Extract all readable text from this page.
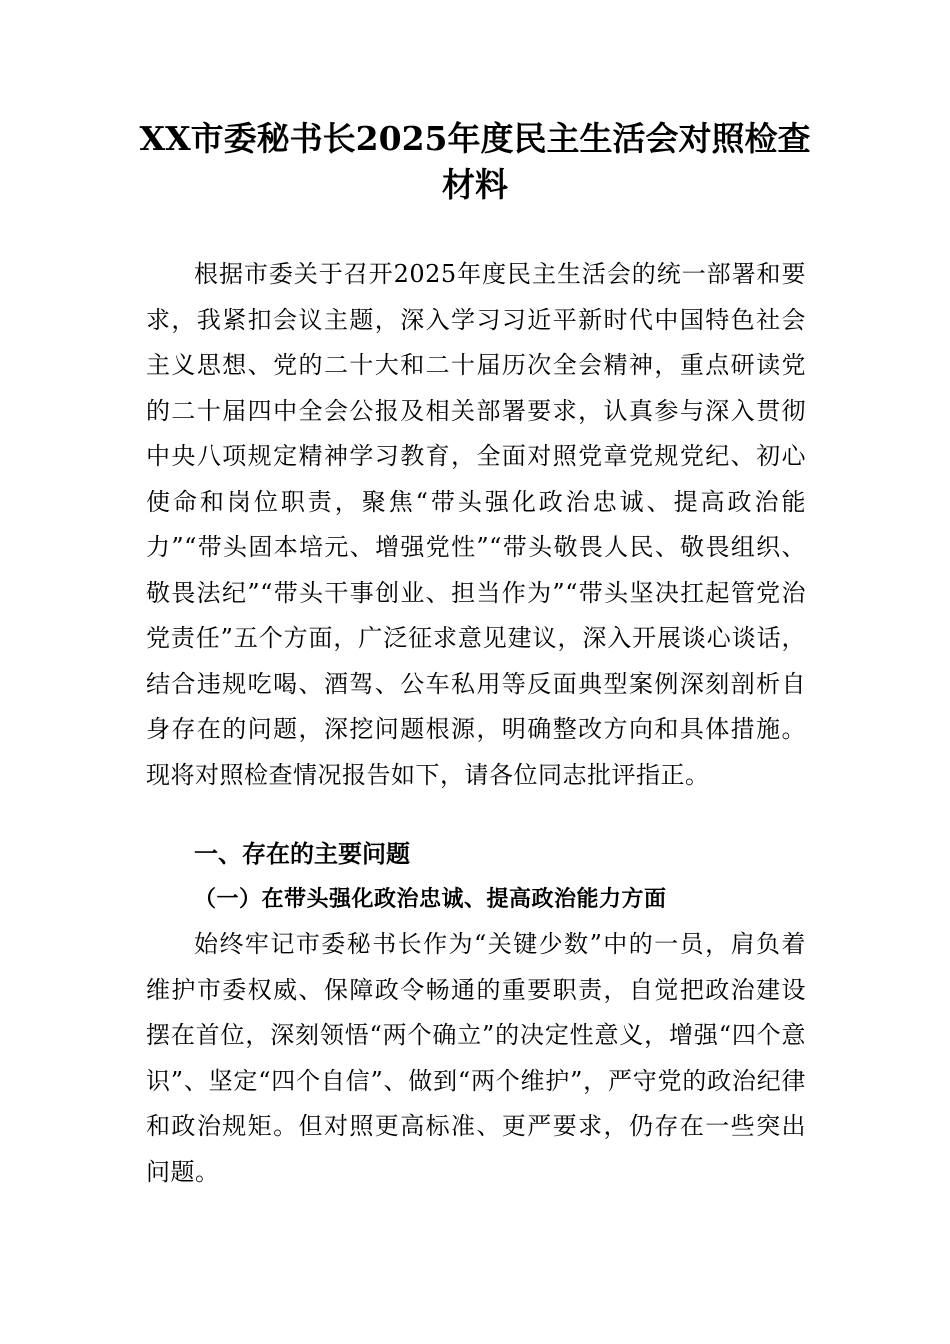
XX市委秘书长2025年度民主生活会对照检查材料
根据市委关于召开2025年度民主生活会的统一部署和要求，我紧扣会议主题，深入学习习近平新时代中国特色社会主义思想、党的二十大和二十届历次全会精神，重点研读党的二十届四中全会公报及相关部署要求，认真参与深入贯彻中央八项规定精神学习教育，全面对照党章党规党纪、初心使命和岗位职责，聚焦“带头强化政治忠诚、提高政治能力”“带头固本培元、增强党性”“带头敬畏人民、敬畏组织、敬畏法纪”“带头干事创业、担当作为”“带头坚决扛起管党治党责任”五个方面，广泛征求意见建议，深入开展谈心谈话，结合违规吃喝、酒驾、公车私用等反面典型案例深刻剖析自身存在的问题，深挖问题根源，明确整改方向和具体措施。现将对照检查情况报告如下，请各位同志批评指正。
一、存在的主要问题
（一）在带头强化政治忠诚、提高政治能力方面
始终牢记市委秘书长作为“关键少数”中的一员，肩负着维护市委权威、保障政令畅通的重要职责，自觉把政治建设摆在首位，深刻领悟“两个确立”的决定性意义，增强“四个意识”、坚定“四个自信”、做到“两个维护”，严守党的政治纪律和政治规矩。但对照更高标准、更严要求，仍存在一些突出问题。
